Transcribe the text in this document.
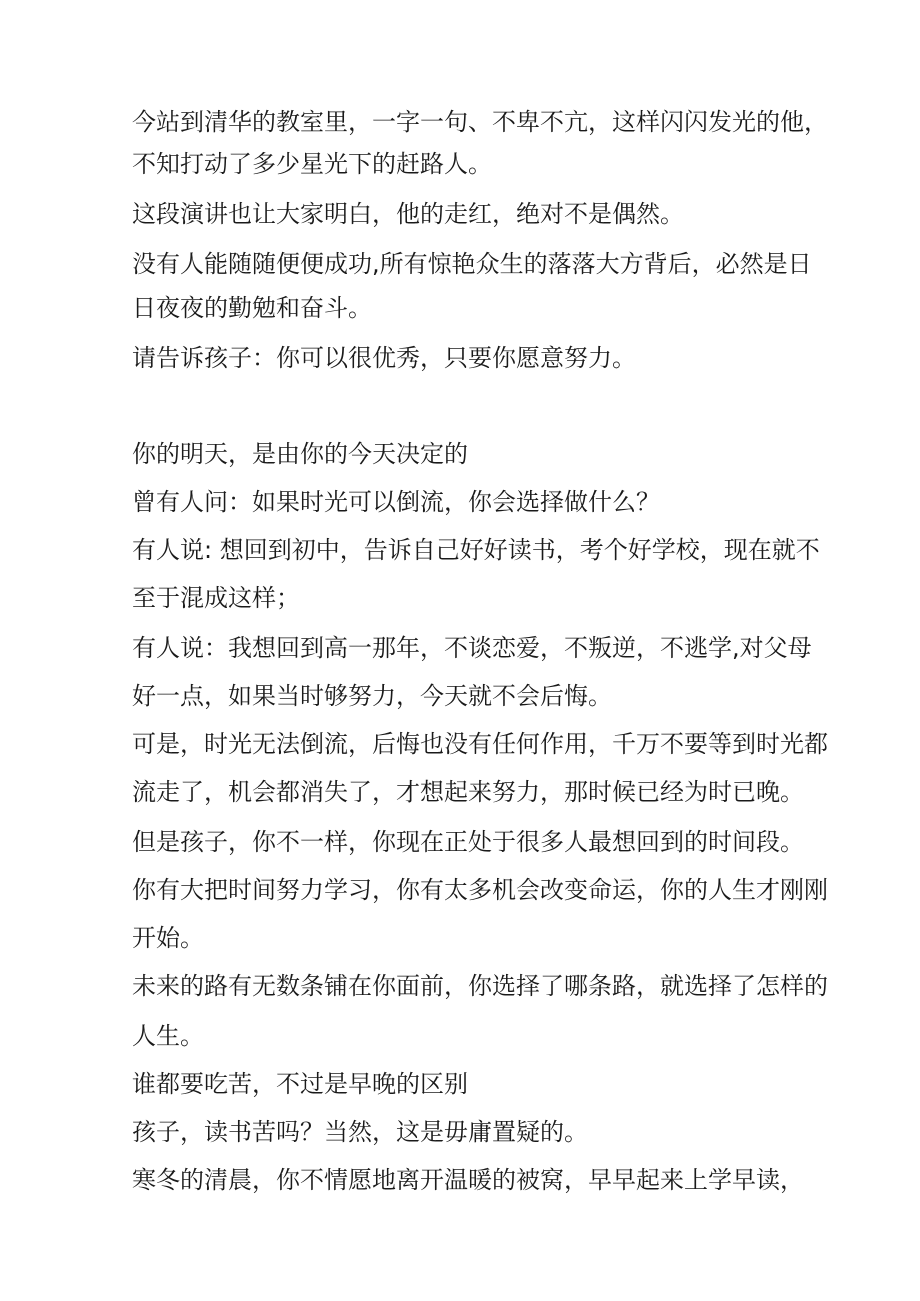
今站到清华的教室里，一字一句、不卑不亢，这样闪闪发光的他，
不知打动了多少星光下的赶路人。
这段演讲也让大家明白，他的走红，绝对不是偶然。
没有人能随随便便成功,所有惊艳众生的落落大方背后，必然是日
日夜夜的勤勉和奋斗。
请告诉孩子：你可以很优秀，只要你愿意努力。
你的明天，是由你的今天决定的
曾有人问：如果时光可以倒流，你会选择做什么？
有人说: 想回到初中，告诉自己好好读书，考个好学校，现在就不
至于混成这样；
有人说：我想回到高一那年，不谈恋爱，不叛逆，不逃学,对父母
好一点，如果当时够努力，今天就不会后悔。
可是，时光无法倒流，后悔也没有任何作用，千万不要等到时光都
流走了，机会都消失了，才想起来努力，那时候已经为时已晚。
但是孩子，你不一样，你现在正处于很多人最想回到的时间段。
你有大把时间努力学习，你有太多机会改变命运，你的人生才刚刚
开始。
未来的路有无数条铺在你面前，你选择了哪条路，就选择了怎样的
人生。
谁都要吃苦，不过是早晚的区别
孩子，读书苦吗？当然，这是毋庸置疑的。
寒冬的清晨，你不情愿地离开温暖的被窝，早早起来上学早读，
